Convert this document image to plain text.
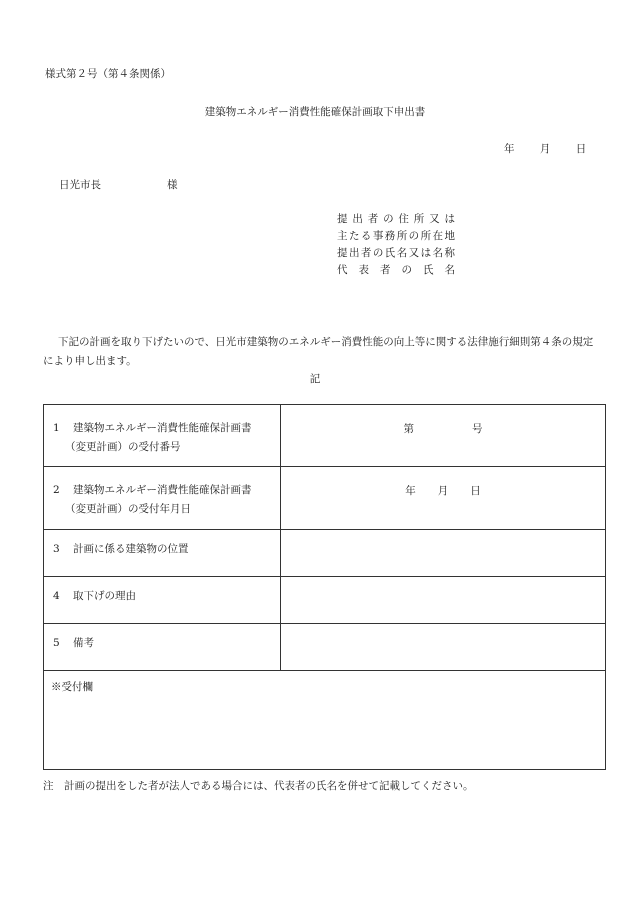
様式第２号（第４条関係）
建築物エネルギー消費性能確保計画取下申出書
年 月 日
日光市長	様
提出者の住所又は
主たる事務所の所在地
提出者の氏名又は名称
代表者の氏名
下記の計画を取り下げたいので、日光市建築物のエネルギー消費性能の向上等に関する法律施行細則第４条の規定により申し出ます。
記
1 建築物エネルギー消費性能確保計画書
（変更計画）の受付番号	第 号
2 建築物エネルギー消費性能確保計画書
（変更計画）の受付年月日	年 月 日
3 計画に係る建築物の位置	
4 取下げの理由	
5 備考	
※受付欄	
注　計画の提出をした者が法人である場合には、代表者の氏名を併せて記載してください。
